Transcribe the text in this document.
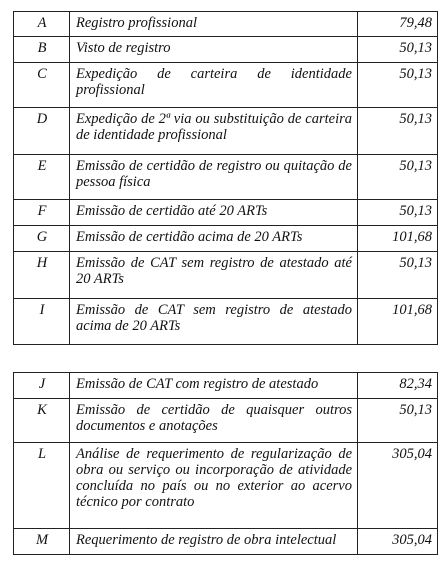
A	Registro profissional	79,48
B	Visto de registro	50,13
C	Expedição de carteira de identidade profissional	50,13
D	Expedição de 2ª via ou substituição de carteira de identidade profissional	50,13
E	Emissão de certidão de registro ou quitação de pessoa física	50,13
F	Emissão de certidão até 20 ARTs	50,13
G	Emissão de certidão acima de 20 ARTs	101,68
H	Emissão de CAT sem registro de atestado até 20 ARTs	50,13
I	Emissão de CAT sem registro de atestado acima de 20 ARTs	101,68
J	Emissão de CAT com registro de atestado	82,34
K	Emissão de certidão de quaisquer outros documentos e anotações	50,13
L	Análise de requerimento de regularização de obra ou serviço ou incorporação de atividade concluída no país ou no exterior ao acervo técnico por contrato	305,04
M	Requerimento de registro de obra intelectual	305,04
